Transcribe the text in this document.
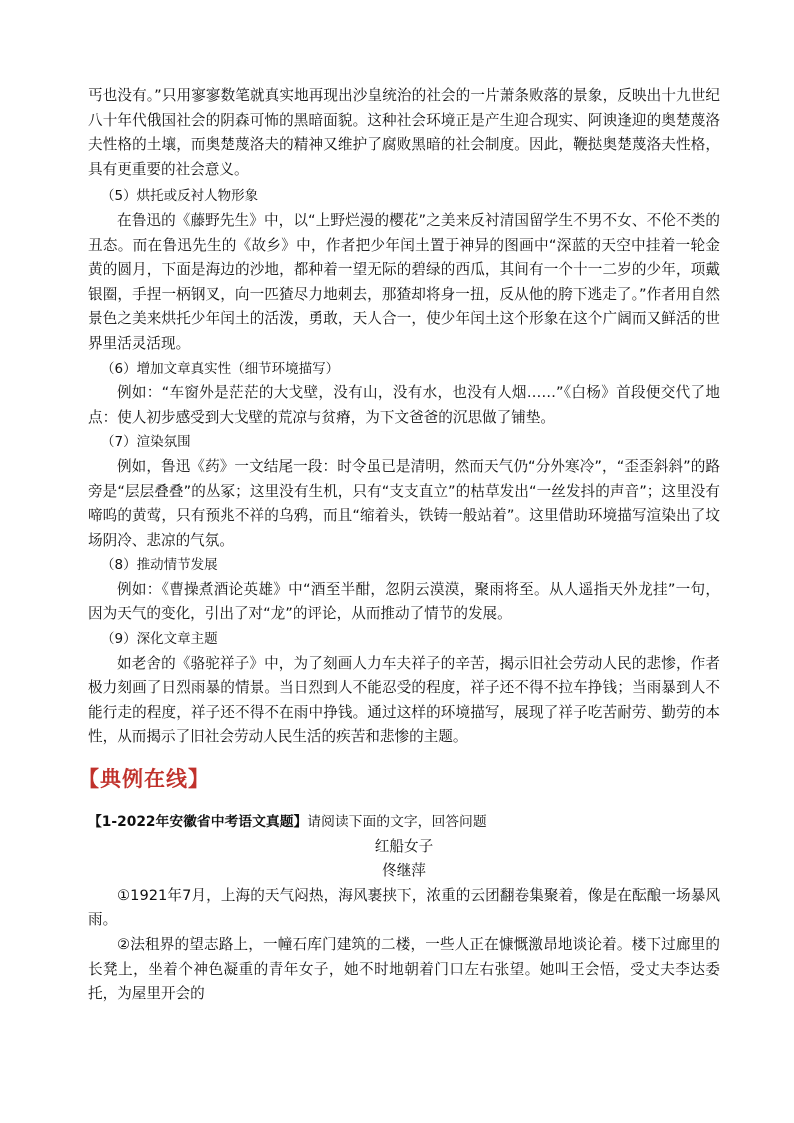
丐也没有。”只用寥寥数笔就真实地再现出沙皇统治的社会的一片萧条败落的景象，反映出十九世纪八十年代俄国社会的阴森可怖的黑暗面貌。这种社会环境正是产生迎合现实、阿谀逢迎的奥楚蔑洛夫性格的土壤，而奥楚蔑洛夫的精神又维护了腐败黑暗的社会制度。因此，鞭挞奥楚蔑洛夫性格，具有更重要的社会意义。

（5）烘托或反衬人物形象

在鲁迅的《藤野先生》中，以“上野烂漫的樱花”之美来反衬清国留学生不男不女、不伦不类的丑态。而在鲁迅先生的《故乡》中，作者把少年闰土置于神异的图画中“深蓝的天空中挂着一轮金黄的圆月，下面是海边的沙地，都种着一望无际的碧绿的西瓜，其间有一个十一二岁的少年，项戴银圈，手捏一柄钢叉，向一匹猹尽力地刺去，那猹却将身一扭，反从他的胯下逃走了。”作者用自然景色之美来烘托少年闰土的活泼，勇敢，天人合一，使少年闰土这个形象在这个广阔而又鲜活的世界里活灵活现。

（6）增加文章真实性（细节环境描写）

例如：“车窗外是茫茫的大戈壁，没有山，没有水，也没有人烟……”《白杨》首段便交代了地点：使人初步感受到大戈壁的荒凉与贫瘠，为下文爸爸的沉思做了铺垫。

（7）渲染氛围

例如，鲁迅《药》一文结尾一段：时令虽已是清明，然而天气仍“分外寒冷”，“歪歪斜斜”的路旁是“层层叠叠”的丛冢；这里没有生机，只有“支支直立”的枯草发出“一丝发抖的声音”；这里没有啼呜的黄莺，只有预兆不祥的乌鸦，而且“缩着头，铁铸一般站着”。这里借助环境描写渲染出了坟场阴冷、悲凉的气氛。

（8）推动情节发展

例如：《曹操煮酒论英雄》中“酒至半酣，忽阴云漠漠，聚雨将至。从人遥指天外龙挂”一句，因为天气的变化，引出了对“龙”的评论，从而推动了情节的发展。

（9）深化文章主题

如老舍的《骆驼祥子》中，为了刻画人力车夫祥子的辛苦，揭示旧社会劳动人民的悲惨，作者极力刻画了日烈雨暴的情景。当日烈到人不能忍受的程度，祥子还不得不拉车挣钱；当雨暴到人不能行走的程度，祥子还不得不在雨中挣钱。通过这样的环境描写，展现了祥子吃苦耐劳、勤劳的本性，从而揭示了旧社会劳动人民生活的疾苦和悲惨的主题。

【典例在线】

【1-2022年安徽省中考语文真题】请阅读下面的文字，回答问题

红船女子

佟继萍

①1921年7月，上海的天气闷热，海风裹挟下，浓重的云团翻卷集聚着，像是在酝酿一场暴风雨。

②法租界的望志路上，一幢石库门建筑的二楼，一些人正在慷慨激昂地谈论着。楼下过廊里的长凳上，坐着个神色凝重的青年女子，她不时地朝着门口左右张望。她叫王会悟，受丈夫李达委托，为屋里开会的
